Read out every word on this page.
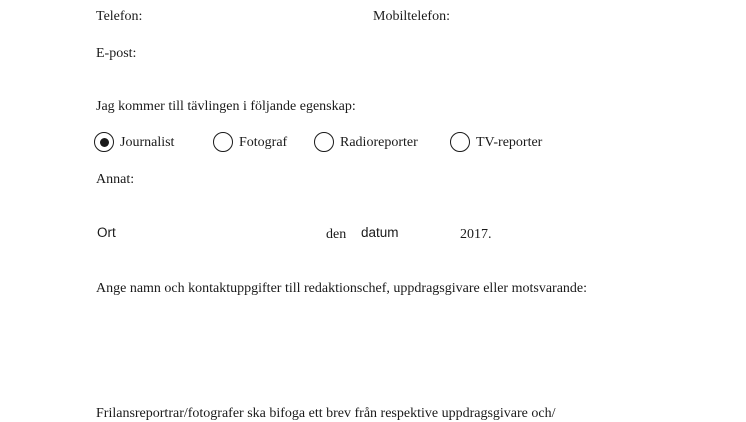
Telefon:	Mobiltelefon:
E-post:
Jag kommer till tävlingen i följande egenskap:
Journalist	Fotograf	Radioreporter	TV-reporter
Annat:
Ort	den datum	2017.
Ange namn och kontaktuppgifter till redaktionschef, uppdragsgivare eller motsvarande:
Frilansreportrar/fotografer ska bifoga ett brev från respektive uppdragsgivare och/
